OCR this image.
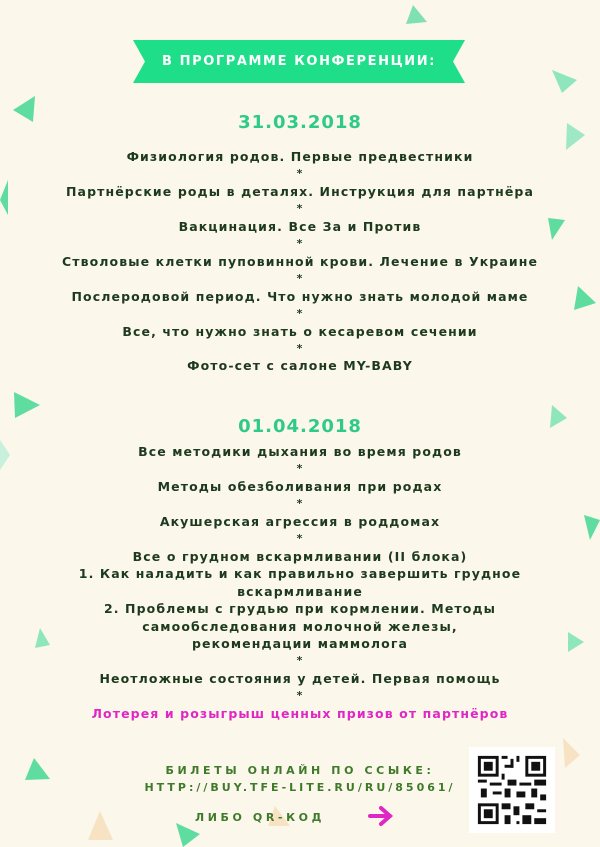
В ПРОГРАММЕ КОНФЕРЕНЦИИ:
31.03.2018
Физиология родов. Первые предвестники
*
Партнёрские роды в деталях. Инструкция для партнёра
*
Вакцинация. Все За и Против
*
Стволовые клетки пуповинной крови. Лечение в Украине
*
Послеродовой период. Что нужно знать молодой маме
*
Все, что нужно знать о кесаревом сечении
*
Фото-сет с салоне MY-BABY
01.04.2018
Все методики дыхания во время родов
*
Методы обезболивания при родах
*
Акушерская агрессия в роддомах
*
Все о грудном вскармливании (II блока)
1. Как наладить и как правильно завершить грудное
вскармливание
2. Проблемы с грудью при кормлении. Методы
самообследования молочной железы,
рекомендации маммолога
*
Неотложные состояния у детей. Первая помощь
*
Лотерея и розыгрыш ценных призов от партнёров
БИЛЕТЫ ОНЛАЙН ПО ССЫКЕ:
HTTP://BUY.TFE-LITE.RU/RU/85061/
ЛИБО QR-КОД
